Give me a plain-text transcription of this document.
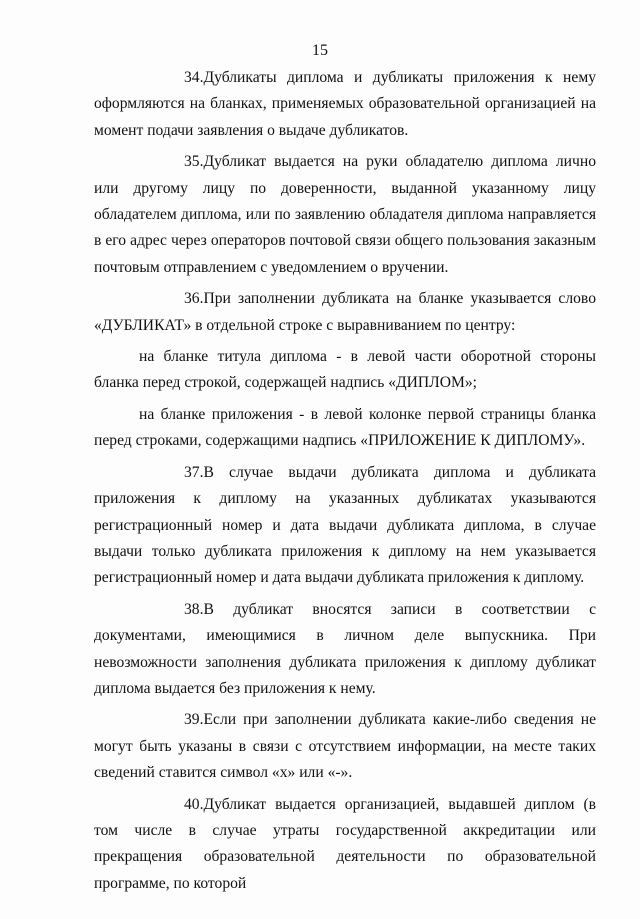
15

34.Дубликаты диплома и дубликаты приложения к нему оформляются на бланках, применяемых образовательной организацией на момент подачи заявления о выдаче дубликатов.

35.Дубликат выдается на руки обладателю диплома лично или другому лицу по доверенности, выданной указанному лицу обладателем диплома, или по заявлению обладателя диплома направляется в его адрес через операторов почтовой связи общего пользования заказным почтовым отправлением с уведомлением о вручении.

36.При заполнении дубликата на бланке указывается слово «ДУБЛИКАТ» в отдельной строке с выравниванием по центру:

на бланке титула диплома - в левой части оборотной стороны бланка перед строкой, содержащей надпись «ДИПЛОМ»;

на бланке приложения - в левой колонке первой страницы бланка перед строками, содержащими надпись «ПРИЛОЖЕНИЕ К ДИПЛОМУ».

37.В случае выдачи дубликата диплома и дубликата приложения к диплому на указанных дубликатах указываются регистрационный номер и дата выдачи дубликата диплома, в случае выдачи только дубликата приложения к диплому на нем указывается регистрационный номер и дата выдачи дубликата приложения к диплому.

38.В дубликат вносятся записи в соответствии с документами, имеющимися в личном деле выпускника. При невозможности заполнения дубликата приложения к диплому дубликат диплома выдается без приложения к нему.

39.Если при заполнении дубликата какие-либо сведения не могут быть указаны в связи с отсутствием информации, на месте таких сведений ставится символ «х» или «-».

40.Дубликат выдается организацией, выдавшей диплом (в том числе в случае утраты государственной аккредитации или прекращения образовательной деятельности по образовательной программе, по которой
